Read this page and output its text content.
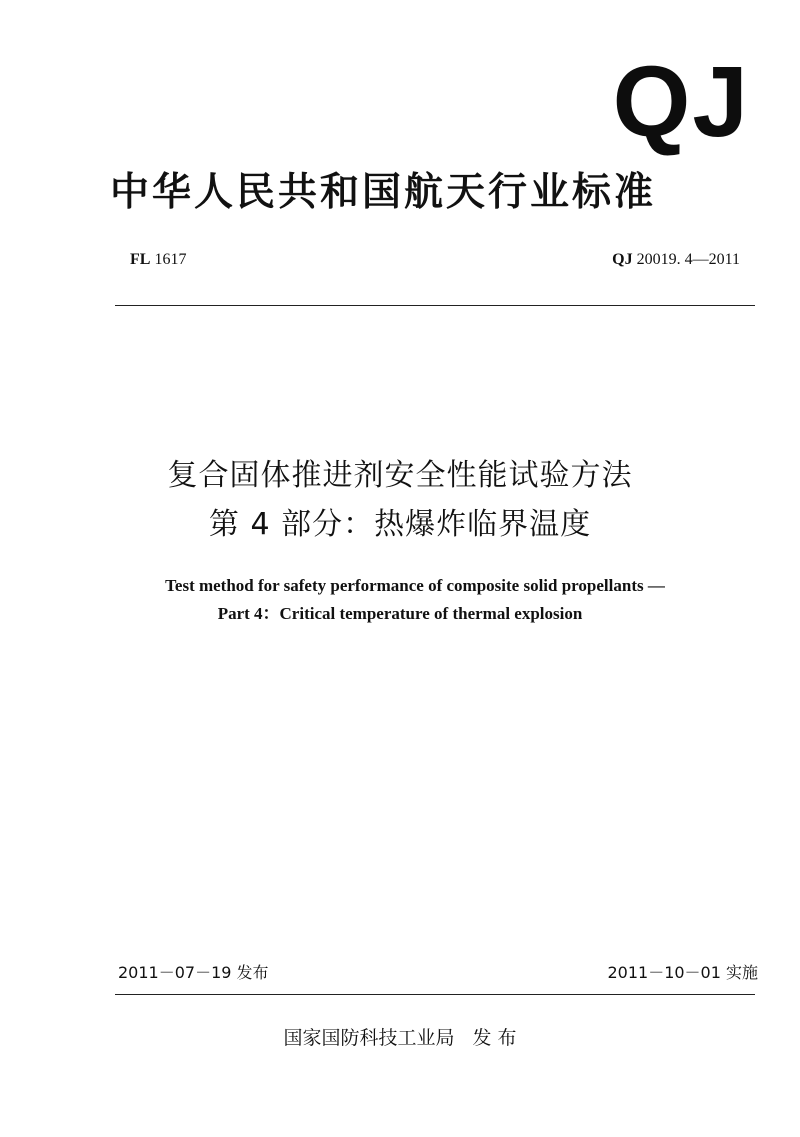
QJ
中华人民共和国航天行业标准
FL 1617	QJ 20019. 4—2011
复合固体推进剂安全性能试验方法
第 4 部分：热爆炸临界温度
Test method for safety performance of composite solid propellants —
Part 4：Critical temperature of thermal explosion
2011－07－19 发布	2011－10－01 实施
国家国防科技工业局 发 布
